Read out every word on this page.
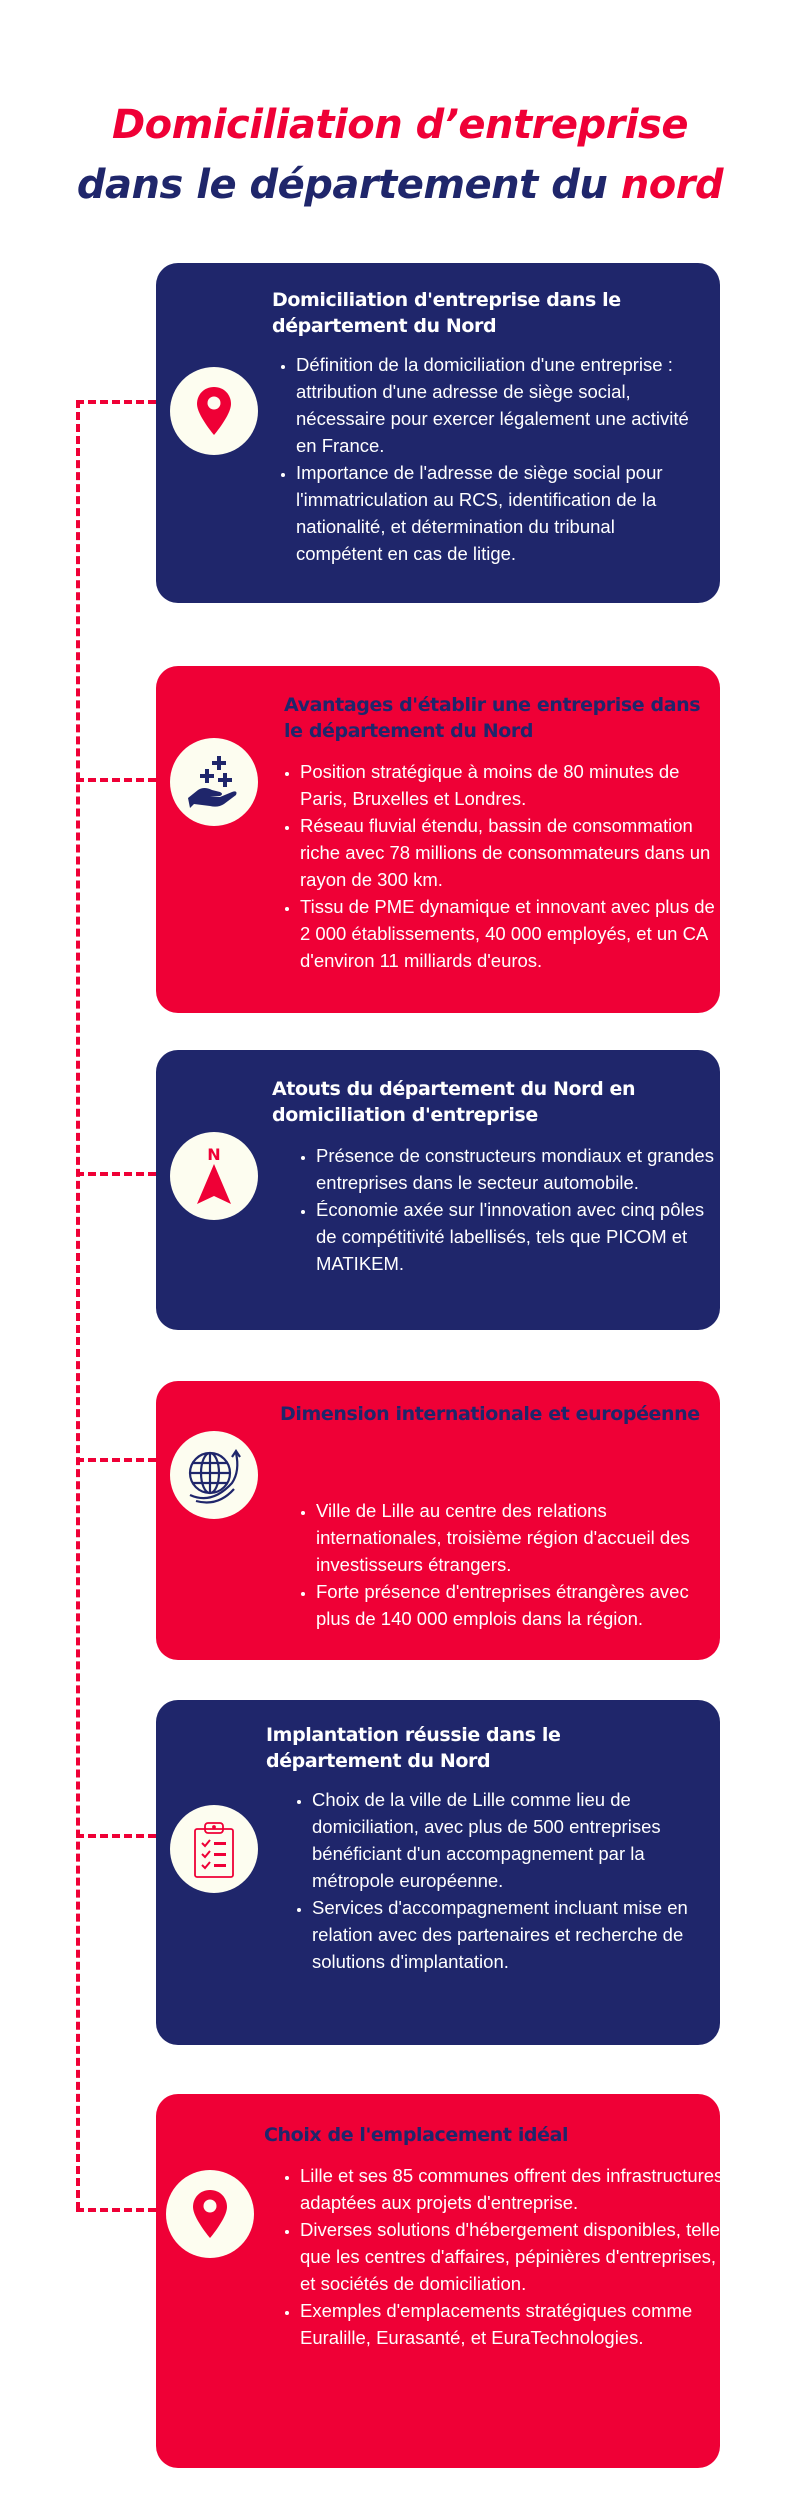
Domiciliation d’entreprise
dans le département du nord
Domiciliation d'entreprise dans le département du Nord
• Définition de la domiciliation d'une entreprise : attribution d'une adresse de siège social, nécessaire pour exercer légalement une activité en France.
• Importance de l'adresse de siège social pour l'immatriculation au RCS, identification de la nationalité, et détermination du tribunal compétent en cas de litige.
Avantages d'établir une entreprise dans le département du Nord
• Position stratégique à moins de 80 minutes de Paris, Bruxelles et Londres.
• Réseau fluvial étendu, bassin de consommation riche avec 78 millions de consommateurs dans un rayon de 300 km.
• Tissu de PME dynamique et innovant avec plus de 2 000 établissements, 40 000 employés, et un CA d'environ 11 milliards d'euros.
N
Atouts du département du Nord en domiciliation d'entreprise
• Présence de constructeurs mondiaux et grandes entreprises dans le secteur automobile.
• Économie axée sur l'innovation avec cinq pôles de compétitivité labellisés, tels que PICOM et MATIKEM.
Dimension internationale et européenne
• Ville de Lille au centre des relations internationales, troisième région d'accueil des investisseurs étrangers.
• Forte présence d'entreprises étrangères avec plus de 140 000 emplois dans la région.
Implantation réussie dans le département du Nord
• Choix de la ville de Lille comme lieu de domiciliation, avec plus de 500 entreprises bénéficiant d'un accompagnement par la métropole européenne.
• Services d'accompagnement incluant mise en relation avec des partenaires et recherche de solutions d'implantation.
Choix de l'emplacement idéal
• Lille et ses 85 communes offrent des infrastructures adaptées aux projets d'entreprise.
• Diverses solutions d'hébergement disponibles, telles que les centres d'affaires, pépinières d'entreprises, et sociétés de domiciliation.
• Exemples d'emplacements stratégiques comme Euralille, Eurasanté, et EuraTechnologies.
